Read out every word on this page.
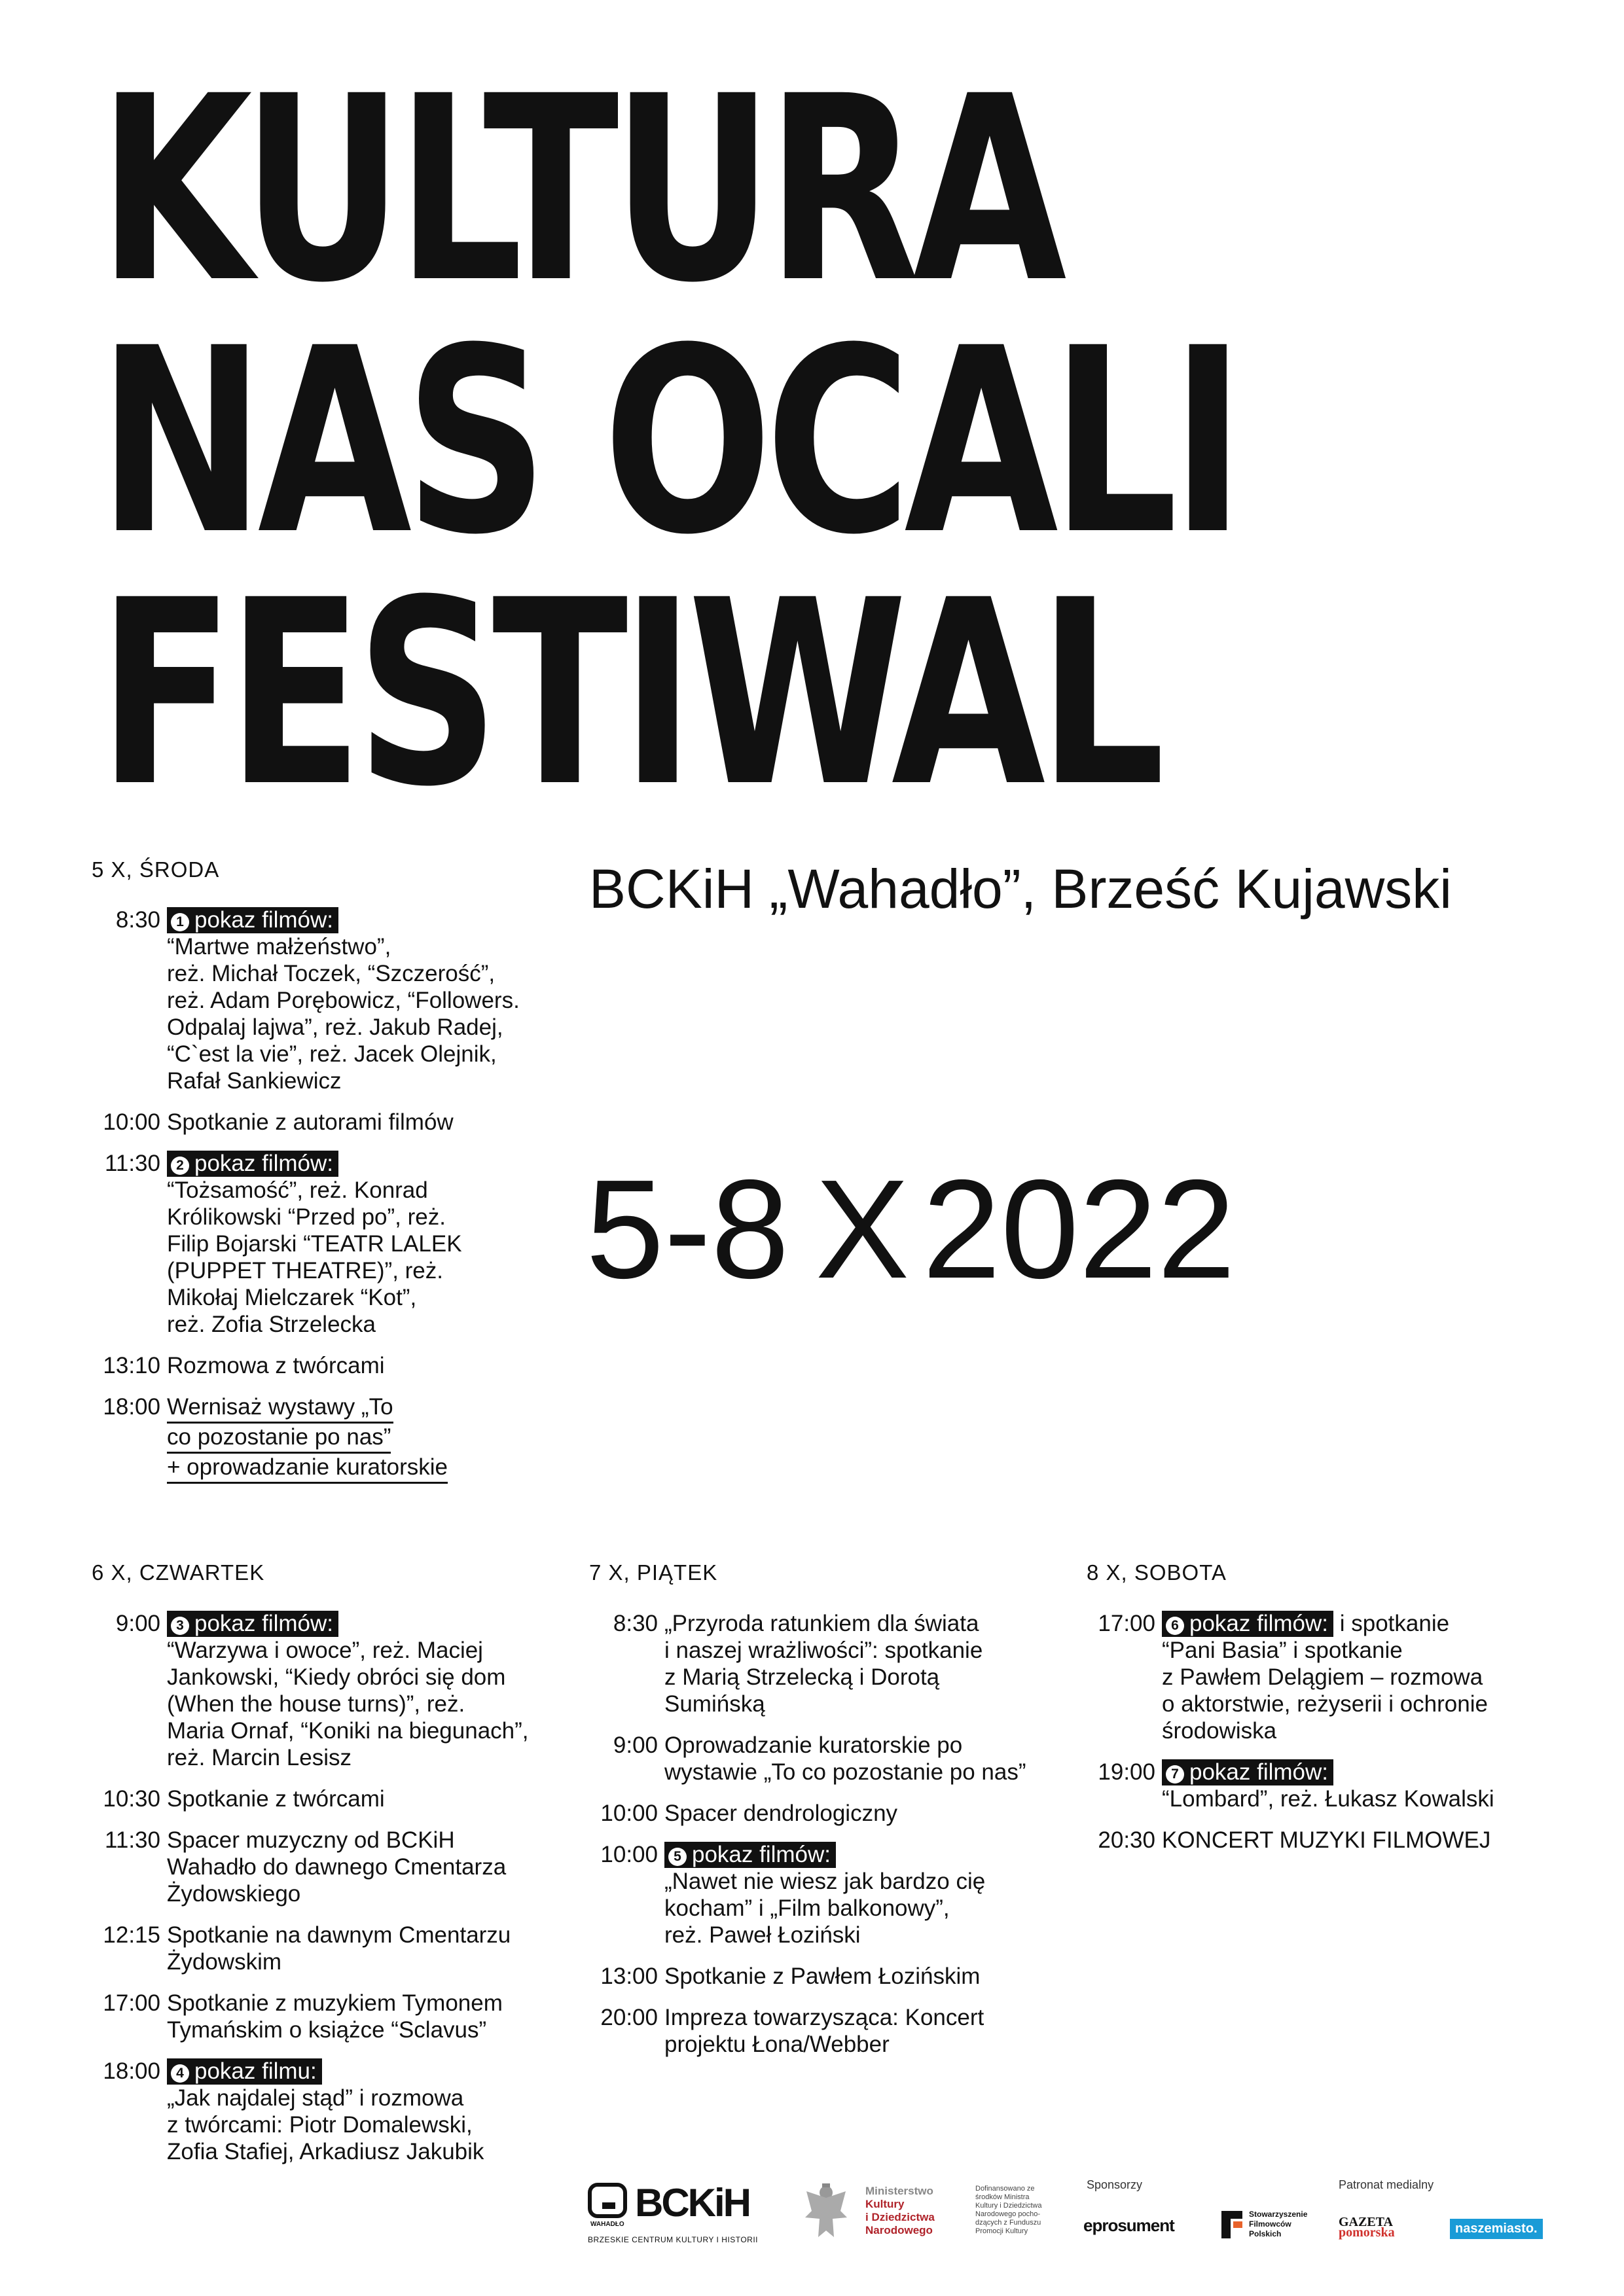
KULTURA
NAS OCALI
FESTIWAL
BCKiH „Wahadło”, Brześć Kujawski
5-8 X2022
5 X, ŚRODA
6 X, CZWARTEK	7 X, PIĄTEK	8 X, SOBOTA
8:30	1 pokaz filmów:
“Martwe małżeństwo”,
reż. Michał Toczek, “Szczerość”,
reż. Adam Porębowicz, “Followers.
Odpalaj lajwa”, reż. Jakub Radej,
“C`est la vie”, reż. Jacek Olejnik,
Rafał Sankiewicz
10:00 Spotkanie z autorami filmów
11:30	2 pokaz filmów:
“Tożsamość”, reż. Konrad
Królikowski “Przed po”, reż.
Filip Bojarski “TEATR LALEK
(PUPPET THEATRE)”, reż.
Mikołaj Mielczarek “Kot”,
reż. Zofia Strzelecka
13:10 Rozmowa z twórcami
18:00 Wernisaż wystawy „To
co pozostanie po nas”
+ oprowadzanie kuratorskie
9:00	3 pokaz filmów:
“Warzywa i owoce”, reż. Maciej
Jankowski, “Kiedy obróci się dom
(When the house turns)”, reż.
Maria Ornaf, “Koniki na biegunach”,
reż. Marcin Lesisz
10:30 Spotkanie z twórcami
11:30 Spacer muzyczny od BCKiH
Wahadło do dawnego Cmentarza
Żydowskiego
12:15 Spotkanie na dawnym Cmentarzu
Żydowskim
17:00 Spotkanie z muzykiem Tymonem
Tymańskim o książce “Sclavus”
18:00	4 pokaz filmu:
„Jak najdalej stąd” i rozmowa
z twórcami: Piotr Domalewski,
Zofia Stafiej, Arkadiusz Jakubik
8:30 „Przyroda ratunkiem dla świata
i naszej wrażliwości”: spotkanie
z Marią Strzelecką i Dorotą
Sumińską
9:00 Oprowadzanie kuratorskie po
wystawie „To co pozostanie po nas”
10:00 Spacer dendrologiczny
10:00	5 pokaz filmów:
„Nawet nie wiesz jak bardzo cię
kocham” i „Film balkonowy”,
reż. Paweł Łoziński
13:00 Spotkanie z Pawłem Łozińskim
20:00 Impreza towarzysząca: Koncert
projektu Łona/Webber
17:00	6 pokaz filmów: i spotkanie
“Pani Basia” i spotkanie
z Pawłem Delągiem – rozmowa
o aktorstwie, reżyserii i ochronie
środowiska
19:00	7 pokaz filmów:
“Lombard”, reż. Łukasz Kowalski
20:30 KONCERT MUZYKI FILMOWEJ
WAHADŁO BCKiH
BRZESKIE CENTRUM KULTURY I HISTORII
Ministerstwo
Kultury
i Dziedzictwa
Narodowego
Dofinansowano ze
środków Ministra
Kultury i Dziedzictwa
Narodowego pocho-
dzących z Funduszu
Promocji Kultury
Sponsorzy
eprosument
Stowarzyszenie
Filmowców
Polskich
Patronat medialny
GAZETA
pomorska	naszemiasto.
